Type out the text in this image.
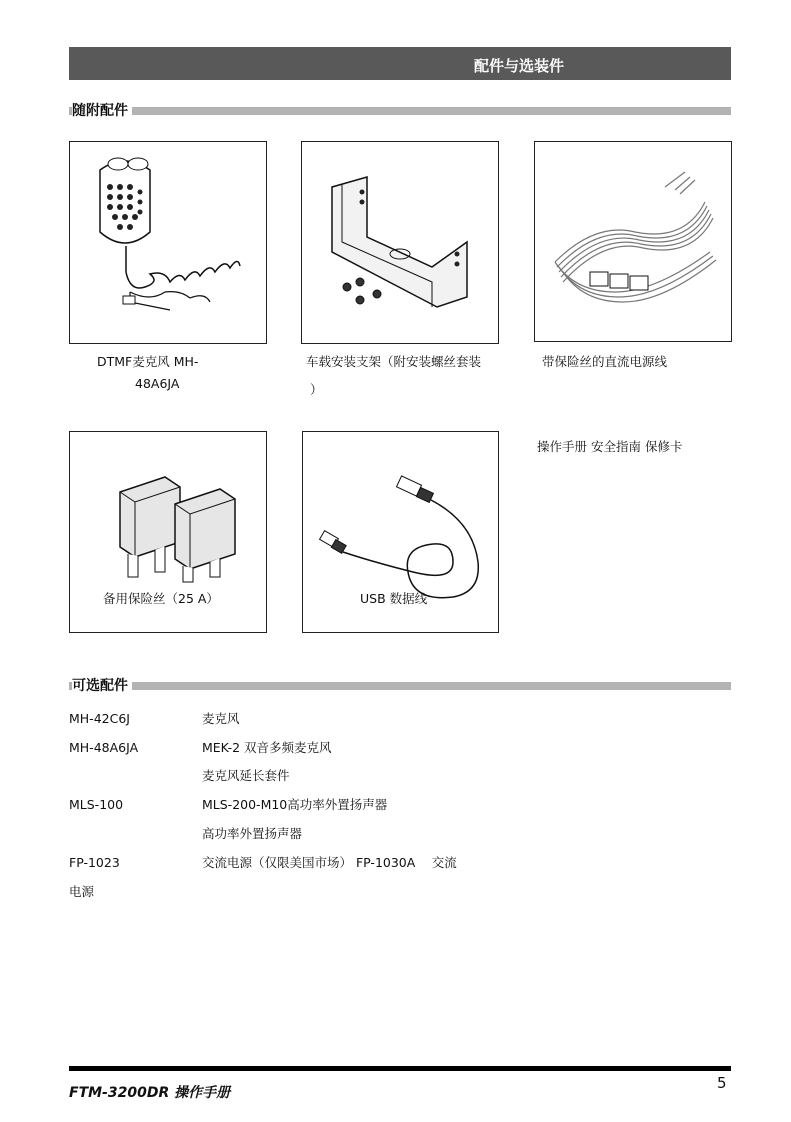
配件与选装件
随附配件
DTMF麦克风 MH-
48A6JA
车载安装支架（附安装螺丝套装
）
带保险丝的直流电源线
备用保险丝（25 A）	USB 数据线
操作手册 安全指南 保修卡
可选配件
MH-42C6J	麦克风
MH-48A6JA	MEK-2 双音多频麦克风
麦克风延长套件
MLS-100	MLS-200-M10高功率外置扬声器
高功率外置扬声器
FP-1023	交流电源（仅限美国市场） FP-1030A　 交流
电源
FTM-3200DR 操作手册
5
